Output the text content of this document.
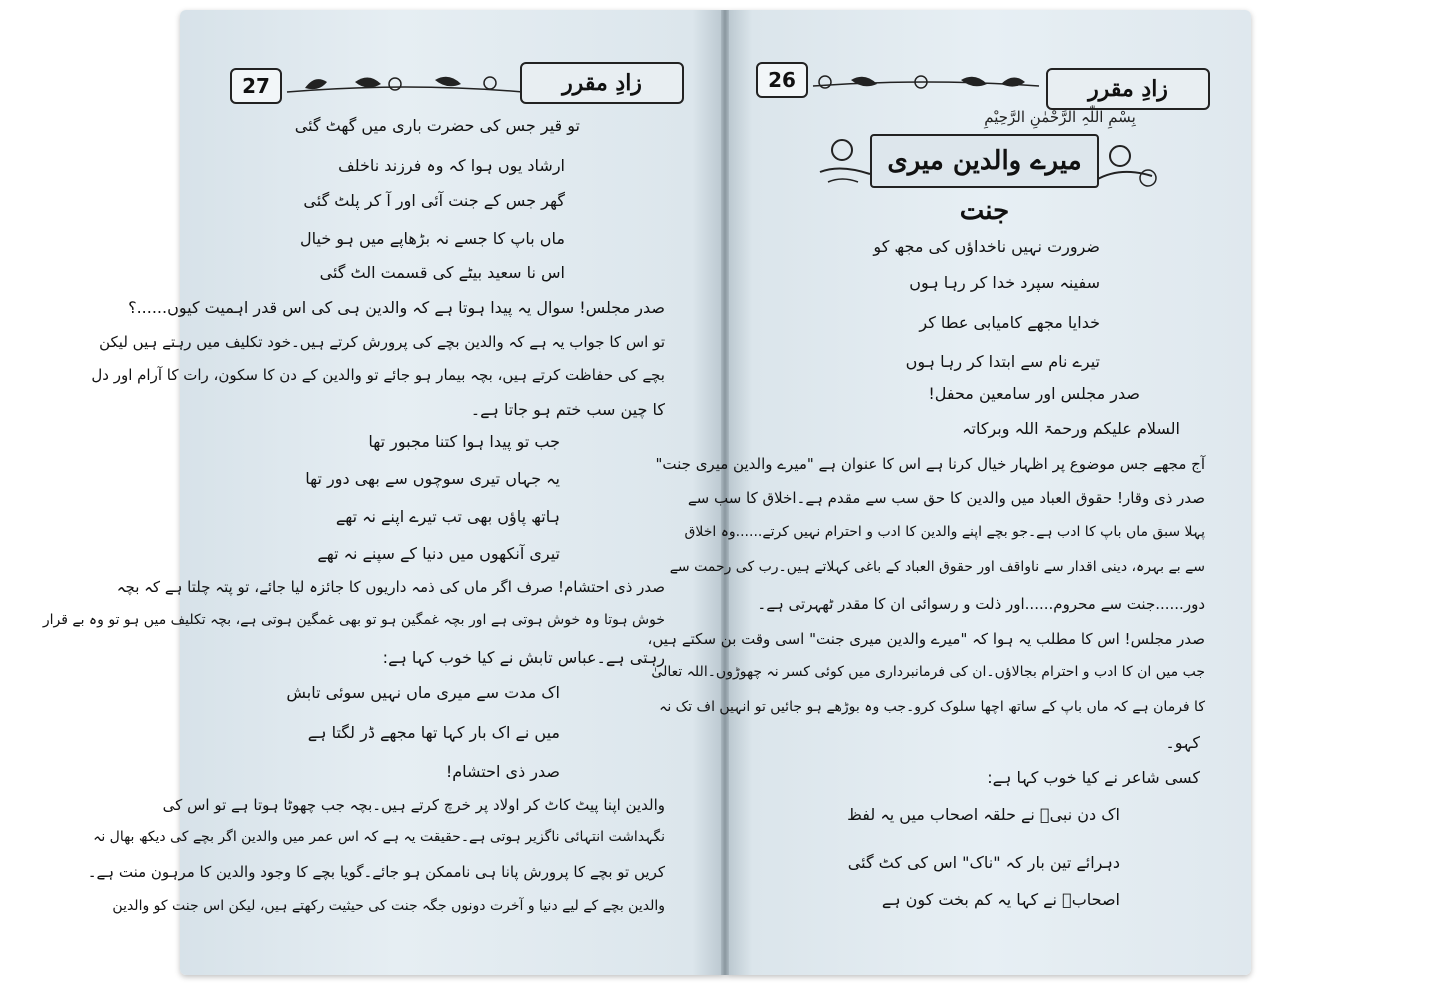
27	زادِ مقرر	26	زادِ مقرر
بِسْمِ اللّٰہِ الرَّحْمٰنِ الرَّحِیْمِ
میرے والدین میری جنت
تو قیر جس کی حضرت باری میں گھٹ گئی
ارشاد یوں ہوا کہ وہ فرزند ناخلف
گھر جس کے جنت آئی اور آ کر پلٹ گئی
ماں باپ کا جسے نہ بڑھاپے میں ہو خیال
اس نا سعید بیٹے کی قسمت الٹ گئی
صدر مجلس! سوال یہ پیدا ہوتا ہے کہ والدین ہی کی اس قدر اہمیت کیوں......؟
تو اس کا جواب یہ ہے کہ والدین بچے کی پرورش کرتے ہیں۔خود تکلیف میں رہتے ہیں لیکن
بچے کی حفاظت کرتے ہیں، بچہ بیمار ہو جائے تو والدین کے دن کا سکون، رات کا آرام اور دل
کا چین سب ختم ہو جاتا ہے۔
جب تو پیدا ہوا کتنا مجبور تھا
یہ جہاں تیری سوچوں سے بھی دور تھا
ہاتھ پاؤں بھی تب تیرے اپنے نہ تھے
تیری آنکھوں میں دنیا کے سپنے نہ تھے
صدر ذی احتشام! صرف اگر ماں کی ذمہ داریوں کا جائزہ لیا جائے، تو پتہ چلتا ہے کہ بچہ
خوش ہوتا وہ خوش ہوتی ہے اور بچہ غمگین ہو تو بھی غمگین ہوتی ہے، بچہ تکلیف میں ہو تو وہ بے قرار
رہتی ہے۔عباس تابش نے کیا خوب کہا ہے:
اک مدت سے میری ماں نہیں سوئی تابش
میں نے اک بار کہا تھا مجھے ڈر لگتا ہے
صدر ذی احتشام!
والدین اپنا پیٹ کاٹ کر اولاد پر خرچ کرتے ہیں۔بچہ جب چھوٹا ہوتا ہے تو اس کی
نگہداشت انتہائی ناگزیر ہوتی ہے۔حقیقت یہ ہے کہ اس عمر میں والدین اگر بچے کی دیکھ بھال نہ
کریں تو بچے کا پرورش پانا ہی ناممکن ہو جائے۔گویا بچے کا وجود والدین کا مرہون منت ہے۔
والدین بچے کے لیے دنیا و آخرت دونوں جگہ جنت کی حیثیت رکھتے ہیں، لیکن اس جنت کو والدین
ضرورت نہیں ناخداؤں کی مجھ کو
سفینہ سپرد خدا کر رہا ہوں
خدایا مجھے کامیابی عطا کر
تیرے نام سے ابتدا کر رہا ہوں
صدر مجلس اور سامعین محفل!
السلام علیکم ورحمۃ اللہ وبرکاتہ
آج مجھے جس موضوع پر اظہار خیال کرنا ہے اس کا عنوان ہے "میرے والدین میری جنت"
صدر ذی وقار! حقوق العباد میں والدین کا حق سب سے مقدم ہے۔اخلاق کا سب سے
پہلا سبق ماں باپ کا ادب ہے۔جو بچے اپنے والدین کا ادب و احترام نہیں کرتے......وہ اخلاق
سے بے بہرہ، دینی اقدار سے ناواقف اور حقوق العباد کے باغی کہلاتے ہیں۔رب کی رحمت سے
دور......جنت سے محروم......اور ذلت و رسوائی ان کا مقدر ٹھہرتی ہے۔
صدر مجلس! اس کا مطلب یہ ہوا کہ "میرے والدین میری جنت" اسی وقت بن سکتے ہیں،
جب میں ان کا ادب و احترام بجالاؤں۔ان کی فرمانبرداری میں کوئی کسر نہ چھوڑوں۔اللہ تعالیٰ
کا فرمان ہے کہ ماں باپ کے ساتھ اچھا سلوک کرو۔جب وہ بوڑھے ہو جائیں تو انہیں اف تک نہ
کہو۔
کسی شاعر نے کیا خوب کہا ہے:
اک دن نبیؐ نے حلقہ اصحاب میں یہ لفظ
دہرائے تین بار کہ "ناک" اس کی کٹ گئی
اصحابؓ نے کہا یہ کم بخت کون ہے
